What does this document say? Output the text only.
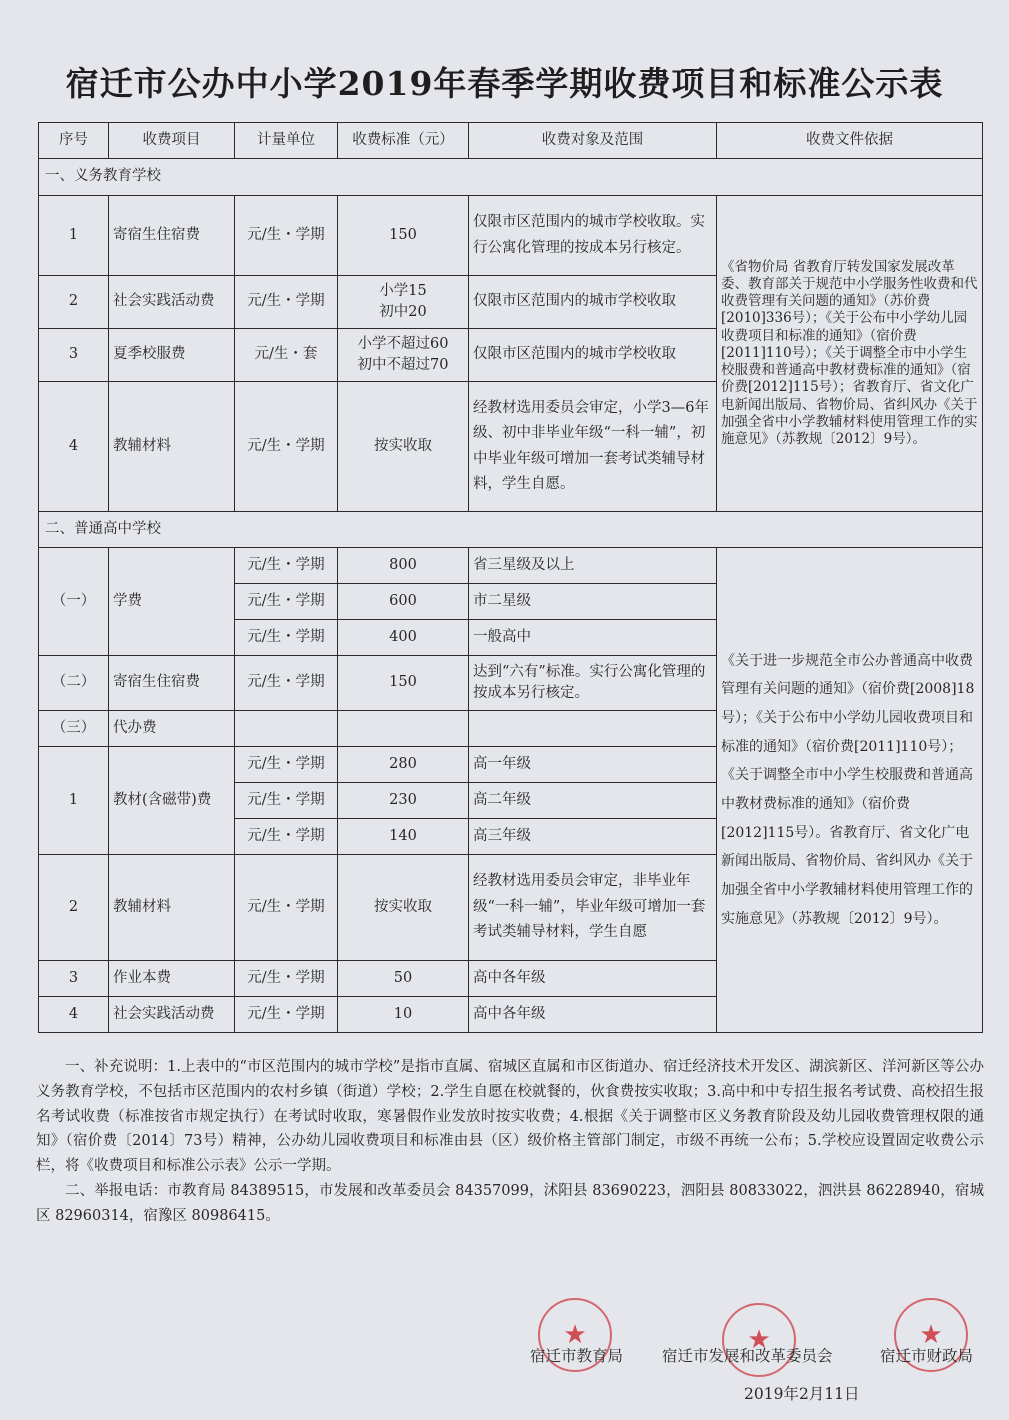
宿迁市公办中小学2019年春季学期收费项目和标准公示表
序号	收费项目	计量单位	收费标准（元）	收费对象及范围	收费文件依据
一、义务教育学校					
1	寄宿生住宿费	元/生・学期	150	仅限市区范围内的城市学校收取。实行公寓化管理的按成本另行核定。	《省物价局 省教育厅转发国家发展改革委、教育部关于规范中小学服务性收费和代收费管理有关问题的通知》（苏价费[2010]336号）；《关于公布中小学幼儿园收费项目和标准的通知》（宿价费[2011]110号）；《关于调整全市中小学生校服费和普通高中教材费标准的通知》（宿价费[2012]115号）；省教育厅、省文化广电新闻出版局、省物价局、省纠风办《关于加强全省中小学教辅材料使用管理工作的实施意见》（苏教规〔2012〕9号）。
2	社会实践活动费	元/生・学期	小学15
初中20	仅限市区范围内的城市学校收取	
3	夏季校服费	元/生・套	小学不超过60
初中不超过70	仅限市区范围内的城市学校收取	
4	教辅材料	元/生・学期	按实收取	经教材选用委员会审定，小学3—6年级、初中非毕业年级“一科一辅”，初中毕业年级可增加一套考试类辅导材料，学生自愿。	
二、普通高中学校					
（一）	学费	元/生・学期	800	省三星级及以上	《关于进一步规范全市公办普通高中收费管理有关问题的通知》（宿价费[2008]18号）；《关于公布中小学幼儿园收费项目和标准的通知》（宿价费[2011]110号）；《关于调整全市中小学生校服费和普通高中教材费标准的通知》（宿价费[2012]115号）。省教育厅、省文化广电新闻出版局、省物价局、省纠风办《关于加强全省中小学教辅材料使用管理工作的实施意见》（苏教规〔2012〕9号）。
		元/生・学期	600	市二星级	
		元/生・学期	400	一般高中	
（二）	寄宿生住宿费	元/生・学期	150	达到“六有”标准。实行公寓化管理的按成本另行核定。	
（三）	代办费				
1	教材(含磁带)费	元/生・学期	280	高一年级	
		元/生・学期	230	高二年级	
		元/生・学期	140	高三年级	
2	教辅材料	元/生・学期	按实收取	经教材选用委员会审定，非毕业年级“一科一辅”，毕业年级可增加一套考试类辅导材料，学生自愿	
3	作业本费	元/生・学期	50	高中各年级	
4	社会实践活动费	元/生・学期	10	高中各年级	

一、补充说明：1.上表中的“市区范围内的城市学校”是指市直属、宿城区直属和市区街道办、宿迁经济技术开发区、湖滨新区、洋河新区等公办义务教育学校，不包括市区范围内的农村乡镇（街道）学校；2.学生自愿在校就餐的，伙食费按实收取；3.高中和中专招生报名考试费、高校招生报名考试收费（标准按省市规定执行）在考试时收取，寒暑假作业发放时按实收费；4.根据《关于调整市区义务教育阶段及幼儿园收费管理权限的通知》（宿价费〔2014〕73号）精神，公办幼儿园收费项目和标准由县（区）级价格主管部门制定，市级不再统一公布；5.学校应设置固定收费公示栏，将《收费项目和标准公示表》公示一学期。

二、举报电话：市教育局 84389515，市发展和改革委员会 84357099，沭阳县 83690223，泗阳县 80833022，泗洪县 86228940，宿城区 82960314，宿豫区 80986415。

★	★	★
宿迁市教育局	宿迁市发展和改革委员会	宿迁市财政局
2019年2月11日
